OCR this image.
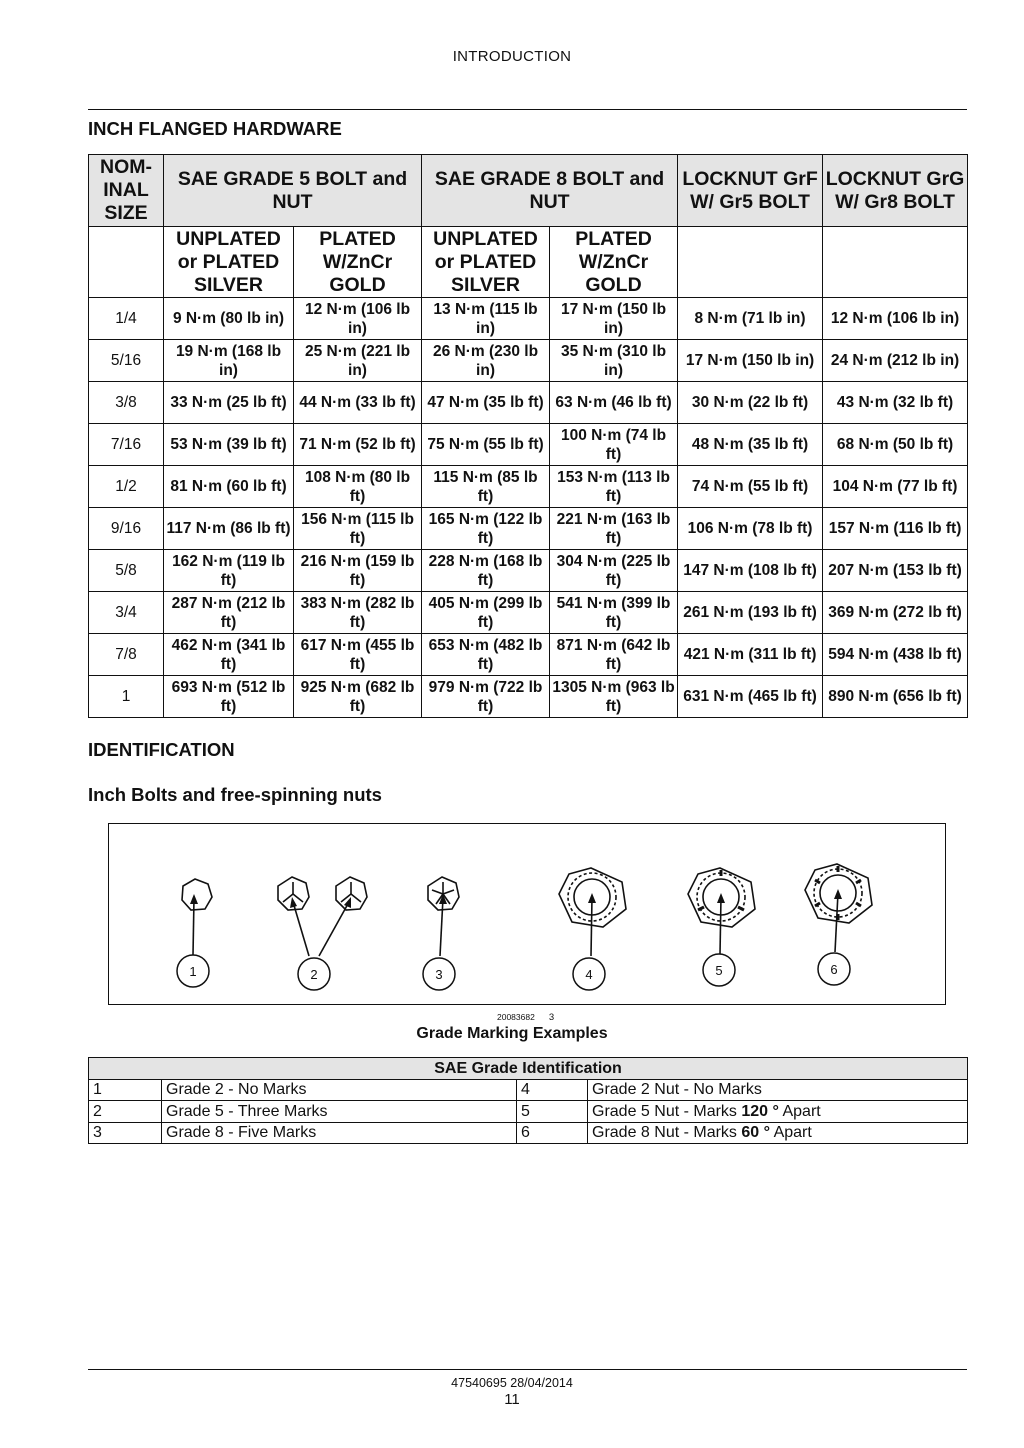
INTRODUCTION
INCH FLANGED HARDWARE
NOM-INAL SIZE	SAE GRADE 5 BOLT and NUT		SAE GRADE 8 BOLT and NUT		LOCKNUT GrF W/ Gr5 BOLT	LOCKNUT GrG W/ Gr8 BOLT
	UNPLATED or PLATED SILVER	PLATED W/ZnCr GOLD	UNPLATED or PLATED SILVER	PLATED W/ZnCr GOLD		
1/4	9 N·m (80 lb in)	12 N·m (106 lb in)	13 N·m (115 lb in)	17 N·m (150 lb in)	8 N·m (71 lb in)	12 N·m (106 lb in)
5/16	19 N·m (168 lb in)	25 N·m (221 lb in)	26 N·m (230 lb in)	35 N·m (310 lb in)	17 N·m (150 lb in)	24 N·m (212 lb in)
3/8	33 N·m (25 lb ft)	44 N·m (33 lb ft)	47 N·m (35 lb ft)	63 N·m (46 lb ft)	30 N·m (22 lb ft)	43 N·m (32 lb ft)
7/16	53 N·m (39 lb ft)	71 N·m (52 lb ft)	75 N·m (55 lb ft)	100 N·m (74 lb ft)	48 N·m (35 lb ft)	68 N·m (50 lb ft)
1/2	81 N·m (60 lb ft)	108 N·m (80 lb ft)	115 N·m (85 lb ft)	153 N·m (113 lb ft)	74 N·m (55 lb ft)	104 N·m (77 lb ft)
9/16	117 N·m (86 lb ft)	156 N·m (115 lb ft)	165 N·m (122 lb ft)	221 N·m (163 lb ft)	106 N·m (78 lb ft)	157 N·m (116 lb ft)
5/8	162 N·m (119 lb ft)	216 N·m (159 lb ft)	228 N·m (168 lb ft)	304 N·m (225 lb ft)	147 N·m (108 lb ft)	207 N·m (153 lb ft)
3/4	287 N·m (212 lb ft)	383 N·m (282 lb ft)	405 N·m (299 lb ft)	541 N·m (399 lb ft)	261 N·m (193 lb ft)	369 N·m (272 lb ft)
7/8	462 N·m (341 lb ft)	617 N·m (455 lb ft)	653 N·m (482 lb ft)	871 N·m (642 lb ft)	421 N·m (311 lb ft)	594 N·m (438 lb ft)
1	693 N·m (512 lb ft)	925 N·m (682 lb ft)	979 N·m (722 lb ft)	1305 N·m (963 lb ft)	631 N·m (465 lb ft)	890 N·m (656 lb ft)
IDENTIFICATION
Inch Bolts and free-spinning nuts
1	2	3	4	5	6
20083682 3
Grade Marking Examples
SAE Grade Identification			
1	Grade 2 - No Marks	4	Grade 2 Nut - No Marks
2	Grade 5 - Three Marks	5	Grade 5 Nut - Marks 120 ° Apart
3	Grade 8 - Five Marks	6	Grade 8 Nut - Marks 60 ° Apart
47540695 28/04/2014
11
